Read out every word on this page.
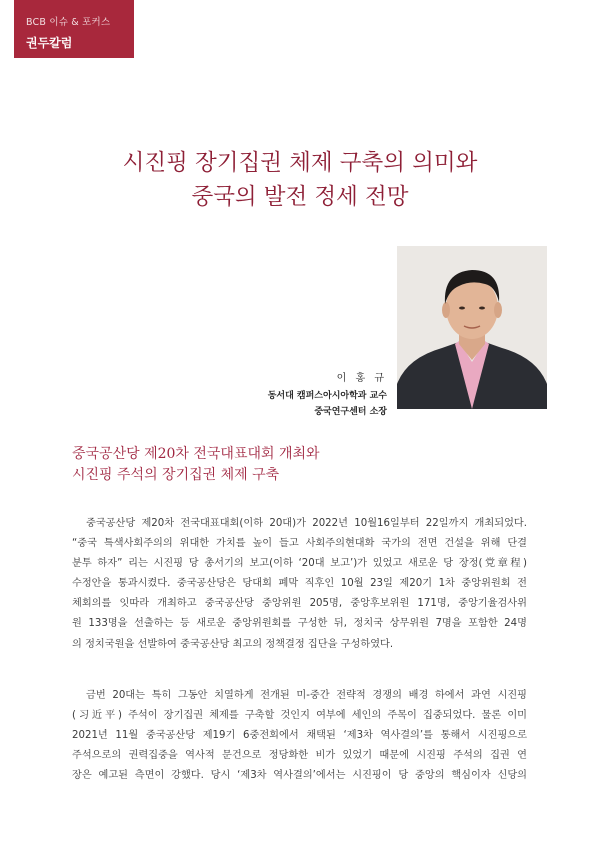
BCB 이슈 & 포커스
권두칼럼
시진핑 장기집권 체제 구축의 의미와
중국의 발전 정세 전망
이 홍 규
동서대 캠퍼스아시아학과 교수
중국연구센터 소장
중국공산당 제20차 전국대표대회 개최와
시진핑 주석의 장기집권 체제 구축
중국공산당 제20차 전국대표대회(이하 20대)가 2022년 10월16일부터 22일까지 개최되었다.
“중국 특색사회주의의 위대한 가치를 높이 들고 사회주의현대화 국가의 전면 건설을 위해 단결
분투 하자” 리는 시진핑 당 총서기의 보고(이하 ‘20대 보고’)가 있었고 새로운 당 장정(党章程)
수정안을 통과시켰다. 중국공산당은 당대회 폐막 직후인 10월 23일 제20기 1차 중앙위원회 전
체회의를 잇따라 개최하고 중국공산당 중앙위원 205명, 중앙후보위원 171명, 중앙기율검사위
원 133명을 선출하는 등 새로운 중앙위원회를 구성한 뒤, 정치국 상무위원 7명을 포함한 24명
의 정치국원을 선발하여 중국공산당 최고의 정책결정 집단을 구성하였다.
금번 20대는 특히 그동안 치열하게 전개된 미-중간 전략적 경쟁의 배경 하에서 과연 시진핑
(习近平) 주석이 장기집권 체제를 구축할 것인지 여부에 세인의 주목이 집중되었다. 물론 이미
2021년 11월 중국공산당 제19기 6중전회에서 채택된 ‘제3차 역사결의’를 통해서 시진핑으로
주석으로의 권력집중을 역사적 문건으로 정당화한 비가 있었기 때문에 시진핑 주석의 집권 연
장은 예고된 측면이 강했다. 당시 ‘제3차 역사결의’에서는 시진핑이 당 중앙의 핵심이자 신당의
